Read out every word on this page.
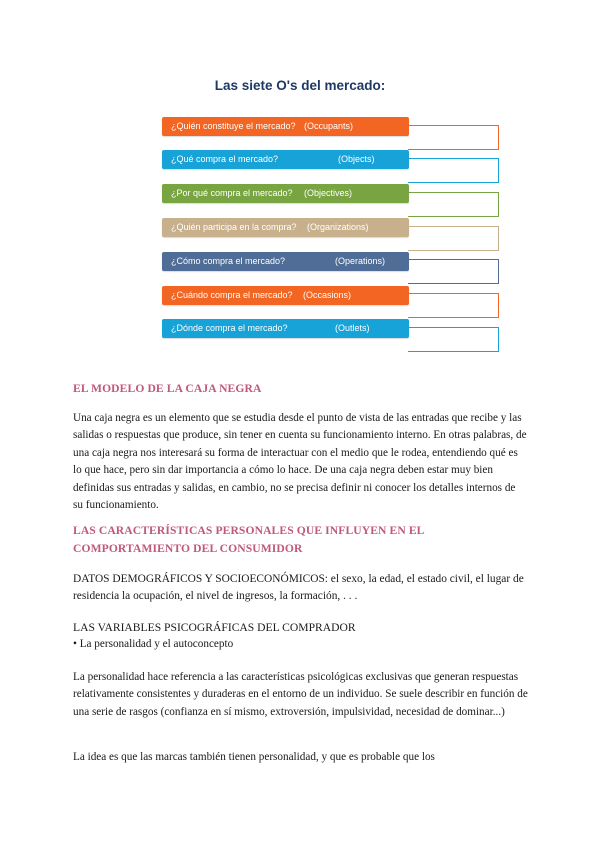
Las siete O's del mercado:
¿Quién constituye el mercado? (Occupants)
¿Qué compra el mercado?	(Objects)
¿Por qué compra el mercado? (Objectives)
¿Quién participa en la compra? (Organizations)
¿Cómo compra el mercado?	(Operations)
¿Cuándo compra el mercado? (Occasions)
¿Dónde compra el mercado?	(Outlets)
EL MODELO DE LA CAJA NEGRA
Una caja negra es un elemento que se estudia desde el punto de vista de las entradas que recibe y las salidas o respuestas que produce, sin tener en cuenta su funcionamiento interno. En otras palabras, de una caja negra nos interesará su forma de interactuar con el medio que le rodea, entendiendo qué es lo que hace, pero sin dar importancia a cómo lo hace. De una caja negra deben estar muy bien definidas sus entradas y salidas, en cambio, no se precisa definir ni conocer los detalles internos de su funcionamiento.
LAS CARACTERÍSTICAS PERSONALES QUE INFLUYEN EN EL COMPORTAMIENTO DEL CONSUMIDOR
DATOS DEMOGRÁFICOS Y SOCIOECONÓMICOS: el sexo, la edad, el estado civil, el lugar de residencia la ocupación, el nivel de ingresos, la formación, . . .
LAS VARIABLES PSICOGRÁFICAS DEL COMPRADOR
• La personalidad y el autoconcepto
La personalidad hace referencia a las características psicológicas exclusivas que generan respuestas relativamente consistentes y duraderas en el entorno de un individuo. Se suele describir en función de una serie de rasgos (confianza en sí mismo, extroversión, impulsividad, necesidad de dominar...)
La idea es que las marcas también tienen personalidad, y que es probable que los
